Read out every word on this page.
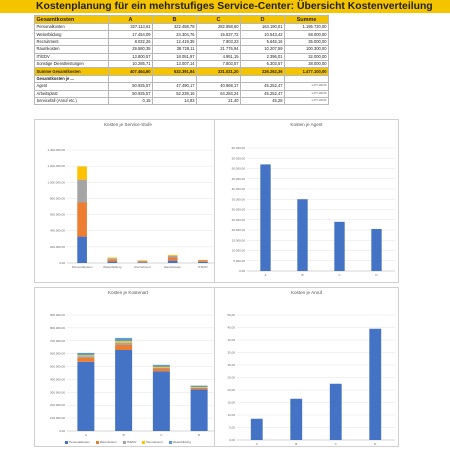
Kostenplanung für ein mehrstufiges Service-Center: Übersicht Kostenverteilung
Gesamtkosten	A	B	C	D	Summe
Personalkosten	327.113,61	422.458,78	282.958,60	163.190,01	1.195.720,00
Weiterbildung	17.454,09	24.304,76	15.637,72	10.543,42	68.000,00
Recruitment	8.032,26	12.419,35	7.903,23	5.645,16	35.000,00
Raumkosten	29.580,35	38.728,11	21.776,94	10.207,59	100.300,00
IT/EDV	13.800,57	18.051,97	4.951,15	2.396,01	32.000,00
Sonstige Dienstleistungen	10.285,71	13.007,14	7.803,57	6.303,57	38.000,00
Summe Gesamtkosten	407.464,60	532.391,84	331.021,20	226.262,36	1.477.100,00
Gesamtkosten je ...					
Agent	50.925,57	47.490,17	40.968,17	45.252,47	1.477.100,00
Arbeitsplatz	50.925,57	52.239,16	64.284,24	45.252,47	1.477.100,00
Servicefall (Anruf etc.)	0,15	14,83	21,40	45,28	1.477.100,00
Kosten je Service-Stufe
0,00
200.000,00
400.000,00
600.000,00
800.000,00
1.000.000,00
1.200.000,00
1.400.000,00
Personalkosten	Weiterbildung	Recruitment	Raumkosten	IT/EDV
Kosten je Agent
0,00
5.000,00
10.000,00
15.000,00
20.000,00
25.000,00
30.000,00
35.000,00
40.000,00
45.000,00
50.000,00
55.000,00
60.000,00
A	B	C	D
Kosten je Kostenart
0,00
100.000,00
200.000,00
300.000,00
400.000,00
500.000,00
600.000,00
700.000,00
800.000,00
900.000,00
A	B	C	D
Personalkosten	Raumkosten	IT/EDV	Recruitment	Weiterbildung
Kosten je Anruf
0,00
5,00
10,00
15,00
20,00
25,00
30,00
35,00
40,00
45,00
50,00
A	B	C	D
